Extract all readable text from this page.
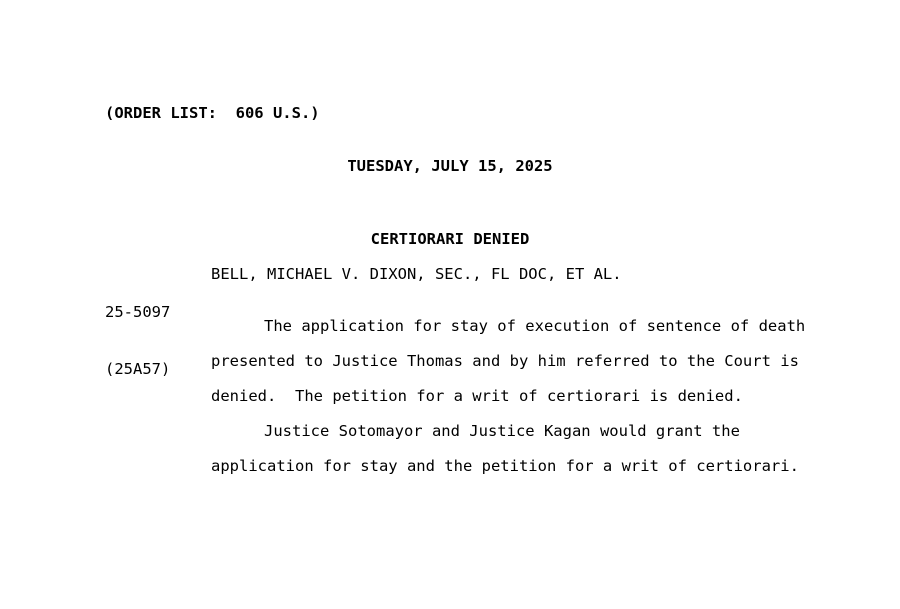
(ORDER LIST:  606 U.S.)
TUESDAY, JULY 15, 2025
CERTIORARI DENIED

25-5097

(25A57)

BELL, MICHAEL V. DIXON, SEC., FL DOC, ET AL.
The application for stay of execution of sentence of death
presented to Justice Thomas and by him referred to the Court is
denied.  The petition for a writ of certiorari is denied.
Justice Sotomayor and Justice Kagan would grant the
application for stay and the petition for a writ of certiorari.
